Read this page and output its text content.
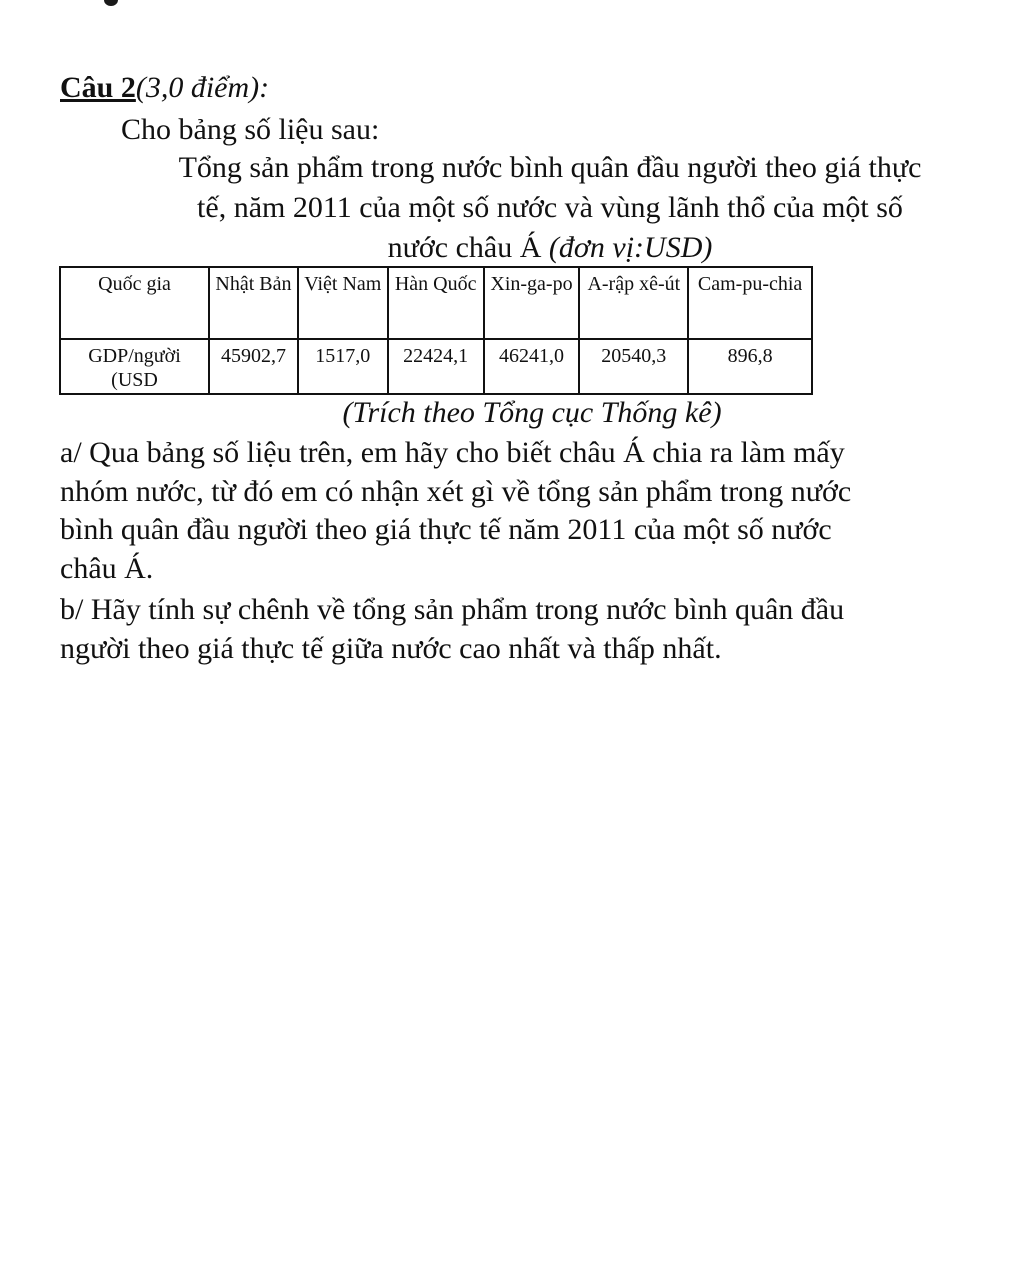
Câu 2(3,0 điểm):
Cho bảng số liệu sau:
Tổng sản phẩm trong nước bình quân đầu người theo giá thực
tế, năm 2011 của một số nước và vùng lãnh thổ của một số
nước châu Á (đơn vị:USD)
Quốc gia	Nhật Bản	Việt Nam	Hàn Quốc	Xin-ga-po	A-rập xê-út	Cam-pu-chia

GDP/người
(USD	45902,7	1517,0	22424,1	46241,0	20540,3	896,8
(Trích theo Tổng cục Thống kê)
a/ Qua bảng số liệu trên, em hãy cho biết châu Á chia ra làm mấy
nhóm nước, từ đó em có nhận xét gì về tổng sản phẩm trong nước
bình quân đầu người theo giá thực tế năm 2011 của một số nước
châu Á.
b/ Hãy tính sự chênh về tổng sản phẩm trong nước bình quân đầu
người theo giá thực tế giữa nước cao nhất và thấp nhất.
